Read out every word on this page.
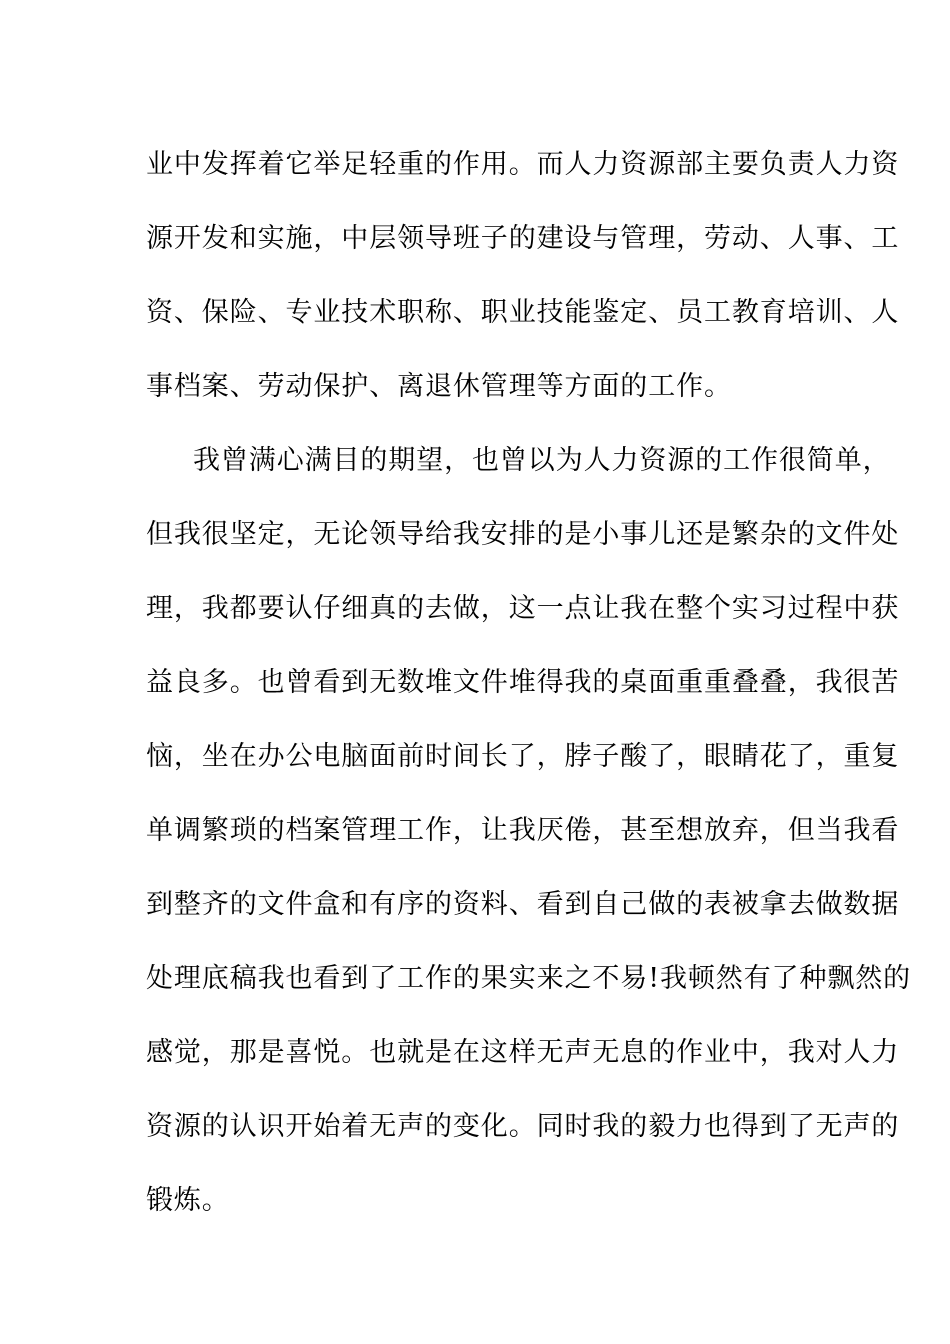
业中发挥着它举足轻重的作用。而人力资源部主要负责人力资
源开发和实施，中层领导班子的建设与管理，劳动、人事、工
资、保险、专业技术职称、职业技能鉴定、员工教育培训、人
事档案、劳动保护、离退休管理等方面的工作。
我曾满心满目的期望，也曾以为人力资源的工作很简单，
但我很坚定，无论领导给我安排的是小事儿还是繁杂的文件处
理，我都要认仔细真的去做，这一点让我在整个实习过程中获
益良多。也曾看到无数堆文件堆得我的桌面重重叠叠，我很苦
恼，坐在办公电脑面前时间长了，脖子酸了，眼睛花了，重复
单调繁琐的档案管理工作，让我厌倦，甚至想放弃，但当我看
到整齐的文件盒和有序的资料、看到自己做的表被拿去做数据
处理底稿我也看到了工作的果实来之不易!我顿然有了种飘然的
感觉，那是喜悦。也就是在这样无声无息的作业中，我对人力
资源的认识开始着无声的变化。同时我的毅力也得到了无声的
锻炼。
